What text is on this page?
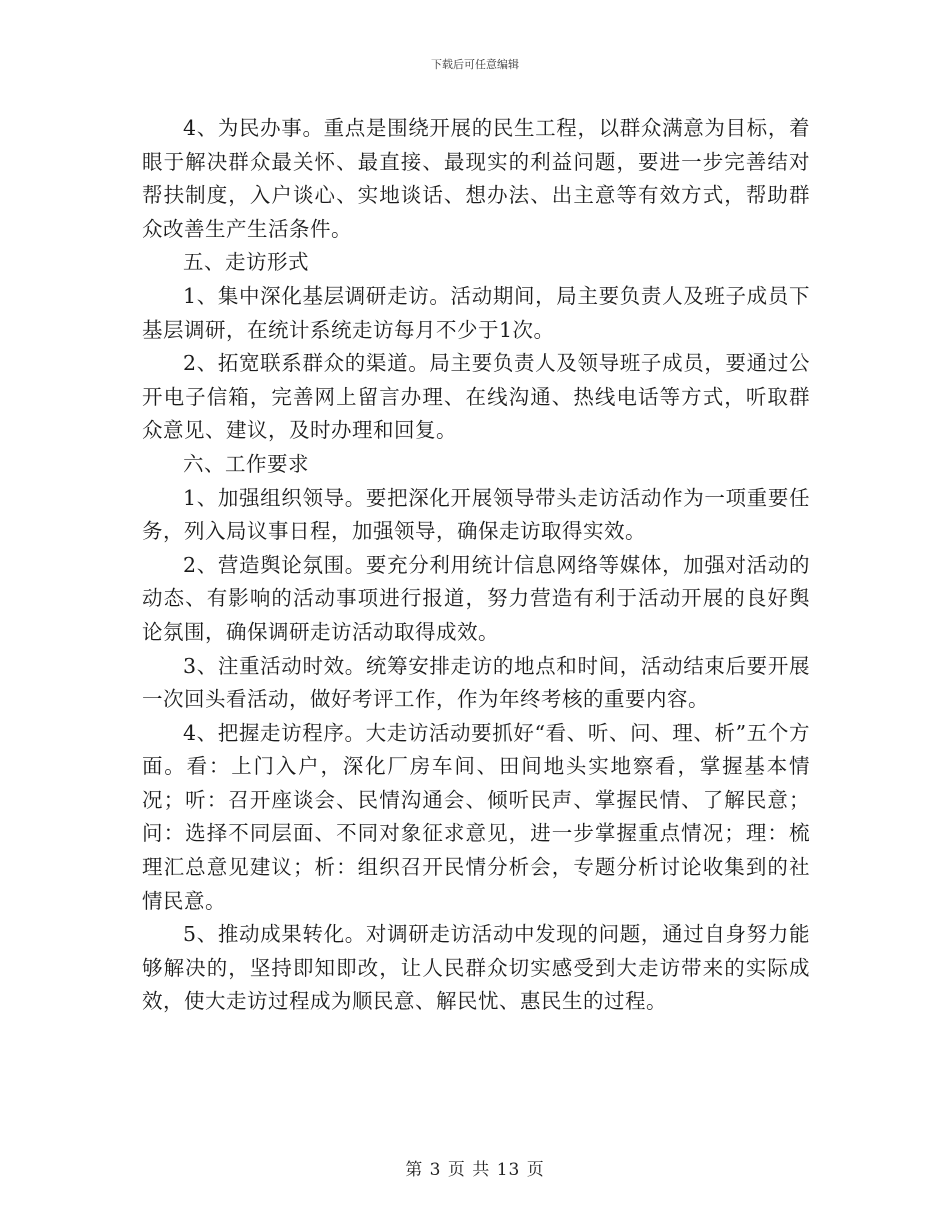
下载后可任意编辑

4、为民办事。重点是围绕开展的民生工程，以群众满意为目标，着眼于解决群众最关怀、最直接、最现实的利益问题，要进一步完善结对帮扶制度，入户谈心、实地谈话、想办法、出主意等有效方式，帮助群众改善生产生活条件。

五、走访形式

1、集中深化基层调研走访。活动期间，局主要负责人及班子成员下基层调研，在统计系统走访每月不少于1次。

2、拓宽联系群众的渠道。局主要负责人及领导班子成员，要通过公开电子信箱，完善网上留言办理、在线沟通、热线电话等方式，听取群众意见、建议，及时办理和回复。

六、工作要求

1、加强组织领导。要把深化开展领导带头走访活动作为一项重要任务，列入局议事日程，加强领导，确保走访取得实效。

2、营造舆论氛围。要充分利用统计信息网络等媒体，加强对活动的动态、有影响的活动事项进行报道，努力营造有利于活动开展的良好舆论氛围，确保调研走访活动取得成效。

3、注重活动时效。统筹安排走访的地点和时间，活动结束后要开展一次回头看活动，做好考评工作，作为年终考核的重要内容。

4、把握走访程序。大走访活动要抓好“看、听、问、理、析”五个方面。看：上门入户，深化厂房车间、田间地头实地察看，掌握基本情况；听：召开座谈会、民情沟通会、倾听民声、掌握民情、了解民意；问：选择不同层面、不同对象征求意见，进一步掌握重点情况；理：梳理汇总意见建议；析：组织召开民情分析会，专题分析讨论收集到的社情民意。

5、推动成果转化。对调研走访活动中发现的问题，通过自身努力能够解决的，坚持即知即改，让人民群众切实感受到大走访带来的实际成效，使大走访过程成为顺民意、解民忧、惠民生的过程。

第 3 页 共 13 页
